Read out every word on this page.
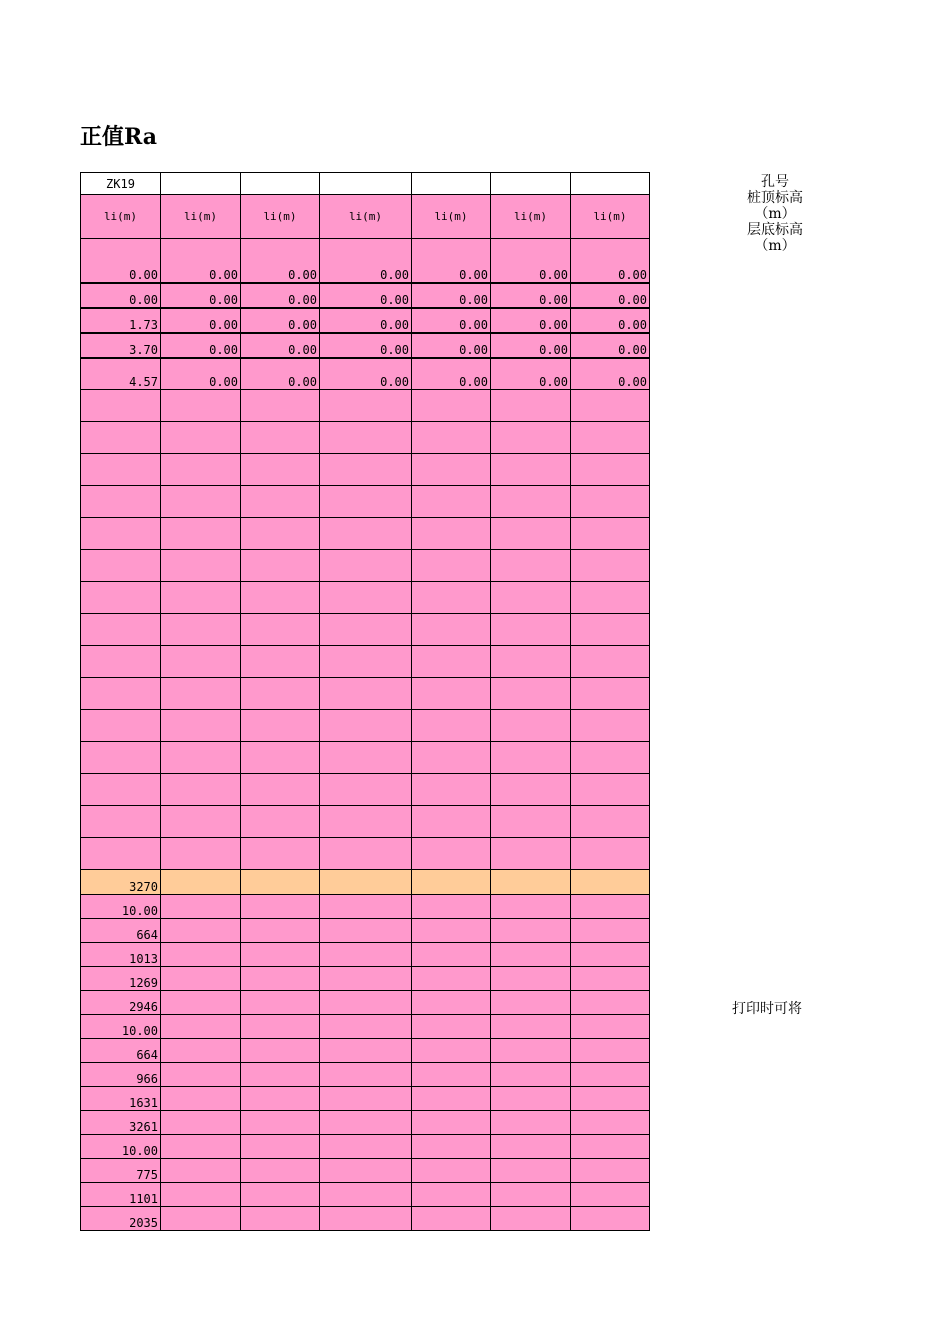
正值Ra
ZK19						
li(m)	li(m)	li(m)	li(m)	li(m)	li(m)	li(m)
0.00	0.00	0.00	0.00	0.00	0.00	0.00
0.00	0.00	0.00	0.00	0.00	0.00	0.00
1.73	0.00	0.00	0.00	0.00	0.00	0.00
3.70	0.00	0.00	0.00	0.00	0.00	0.00
4.57	0.00	0.00	0.00	0.00	0.00	0.00

3270						
10.00						
664						
1013						
1269						
2946						
10.00						
664						
966						
1631						
3261						
10.00						
775						
1101						
2035						
孔号
桩顶标高
（m）
层底标高
（m）
打印时可将
